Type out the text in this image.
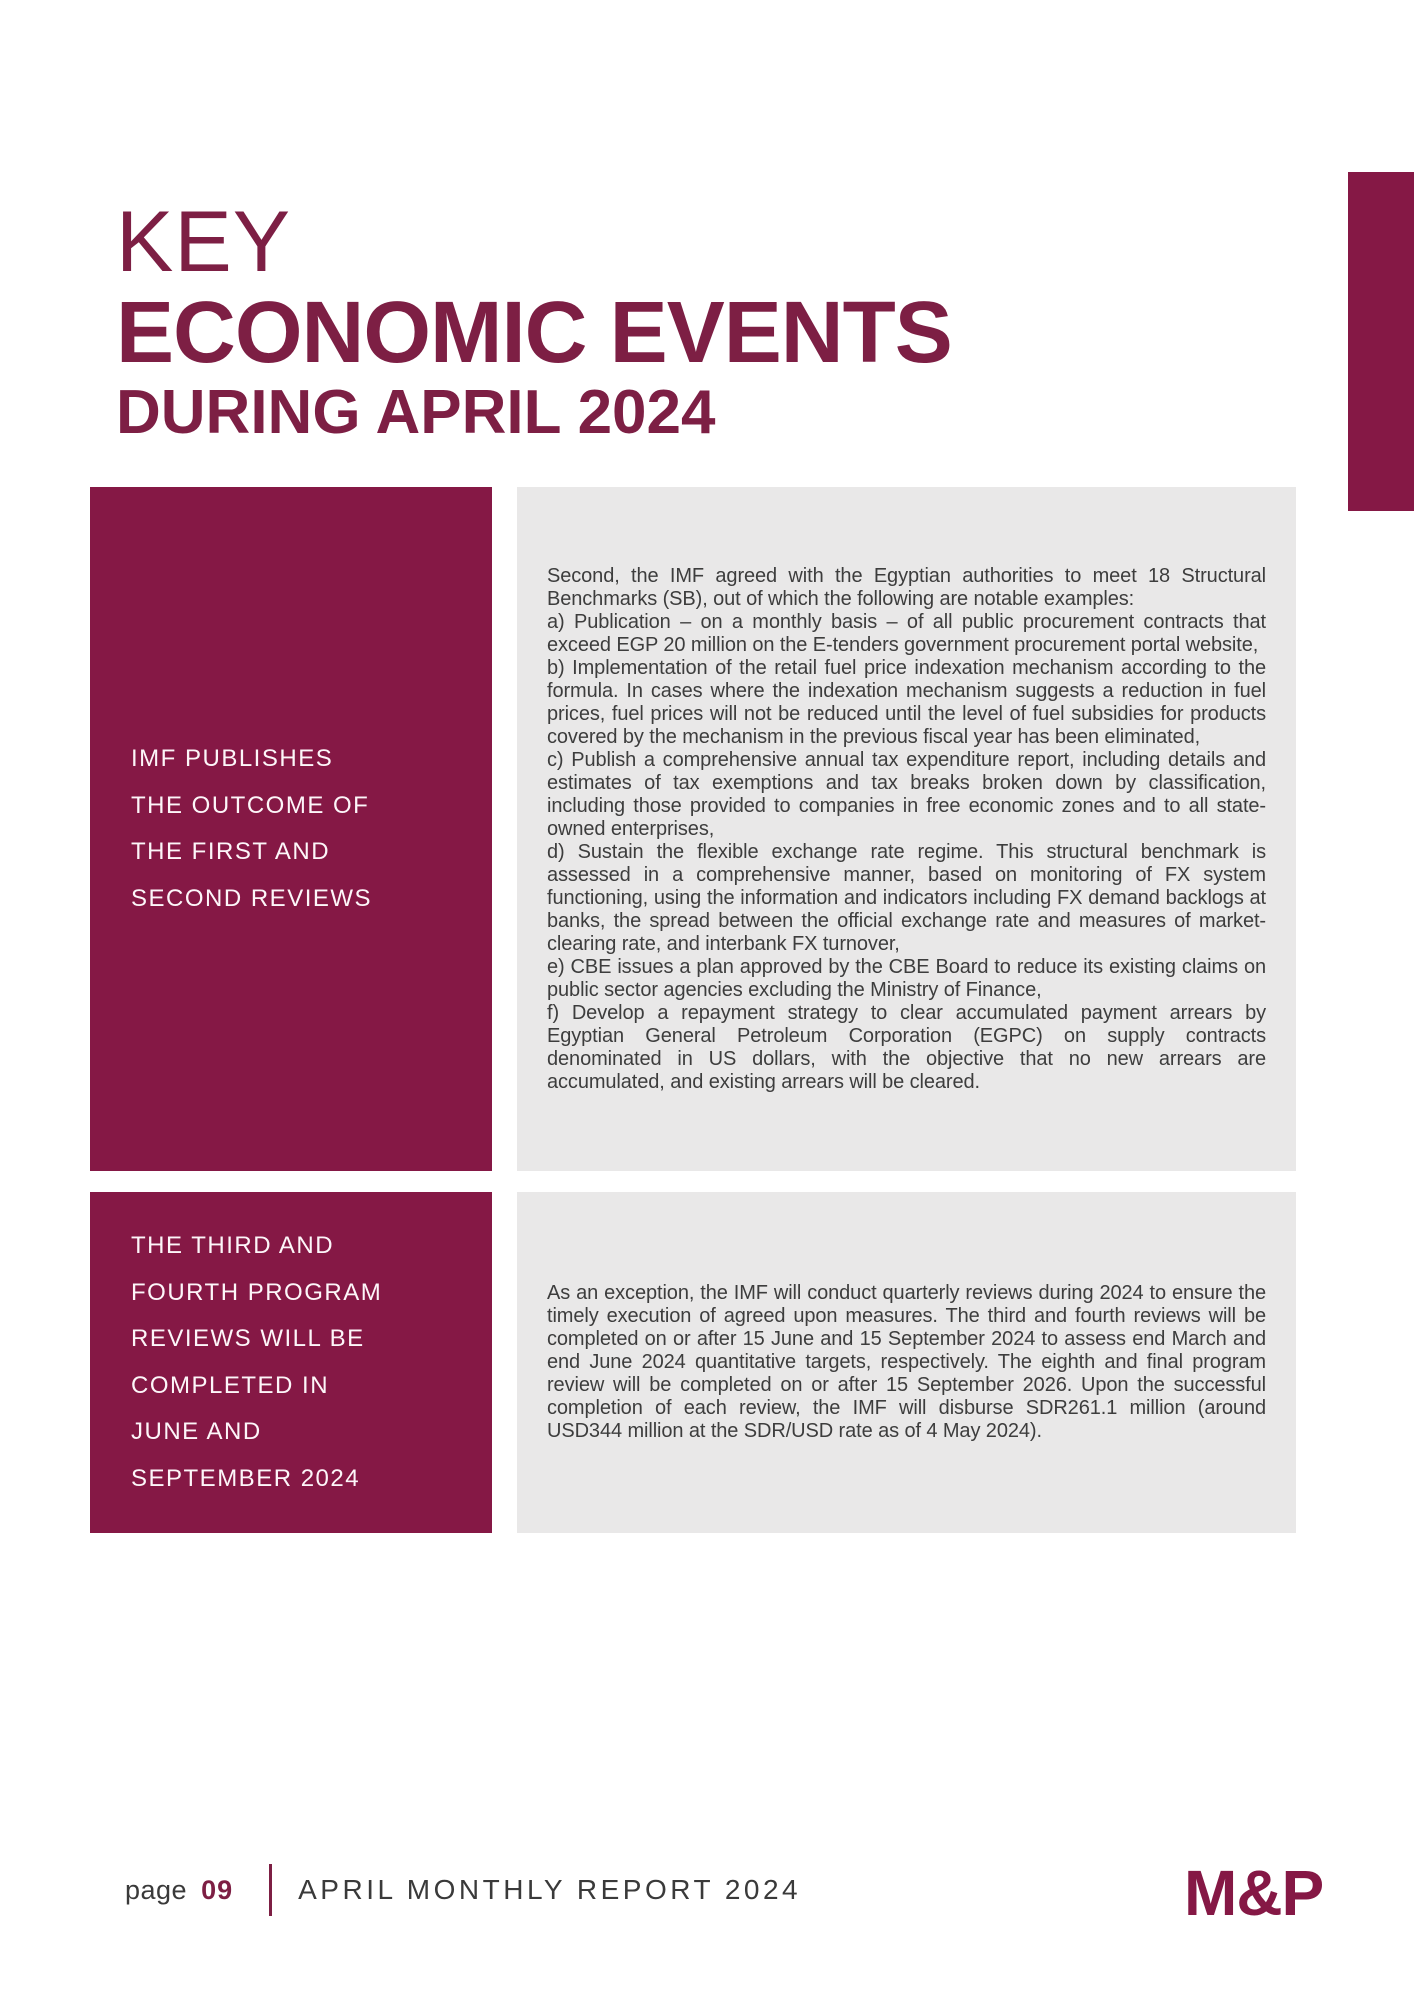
KEY
ECONOMIC EVENTS
DURING APRIL 2024
IMF PUBLISHES
THE OUTCOME OF
THE FIRST AND
SECOND REVIEWS

Second, the IMF agreed with the Egyptian authorities to meet 18 Structural Benchmarks (SB), out of which the following are notable examples:

a) Publication – on a monthly basis – of all public procurement contracts that exceed EGP 20 million on the E-tenders government procurement portal website,

b) Implementation of the retail fuel price indexation mechanism according to the formula. In cases where the indexation mechanism suggests a reduction in fuel prices, fuel prices will not be reduced until the level of fuel subsidies for products covered by the mechanism in the previous fiscal year has been eliminated,

c) Publish a comprehensive annual tax expenditure report, including details and estimates of tax exemptions and tax breaks broken down by classification, including those provided to companies in free economic zones and to all state-owned enterprises,

d) Sustain the flexible exchange rate regime. This structural benchmark is assessed in a comprehensive manner, based on monitoring of FX system functioning, using the information and indicators including FX demand backlogs at banks, the spread between the official exchange rate and measures of market-clearing rate, and interbank FX turnover,

e) CBE issues a plan approved by the CBE Board to reduce its existing claims on public sector agencies excluding the Ministry of Finance,

f) Develop a repayment strategy to clear accumulated payment arrears by Egyptian General Petroleum Corporation (EGPC) on supply contracts denominated in US dollars, with the objective that no new arrears are accumulated, and existing arrears will be cleared.

THE THIRD AND
FOURTH PROGRAM
REVIEWS WILL BE
COMPLETED IN
JUNE AND
SEPTEMBER 2024

As an exception, the IMF will conduct quarterly reviews during 2024 to ensure the timely execution of agreed upon measures. The third and fourth reviews will be completed on or after 15 June and 15 September 2024 to assess end March and end June 2024 quantitative targets, respectively. The eighth and final program review will be completed on or after 15 September 2026. Upon the successful completion of each review, the IMF will disburse SDR261.1 million (around USD344 million at the SDR/USD rate as of 4 May 2024).

page 09 APRIL MONTHLY REPORT 2024	M&P
